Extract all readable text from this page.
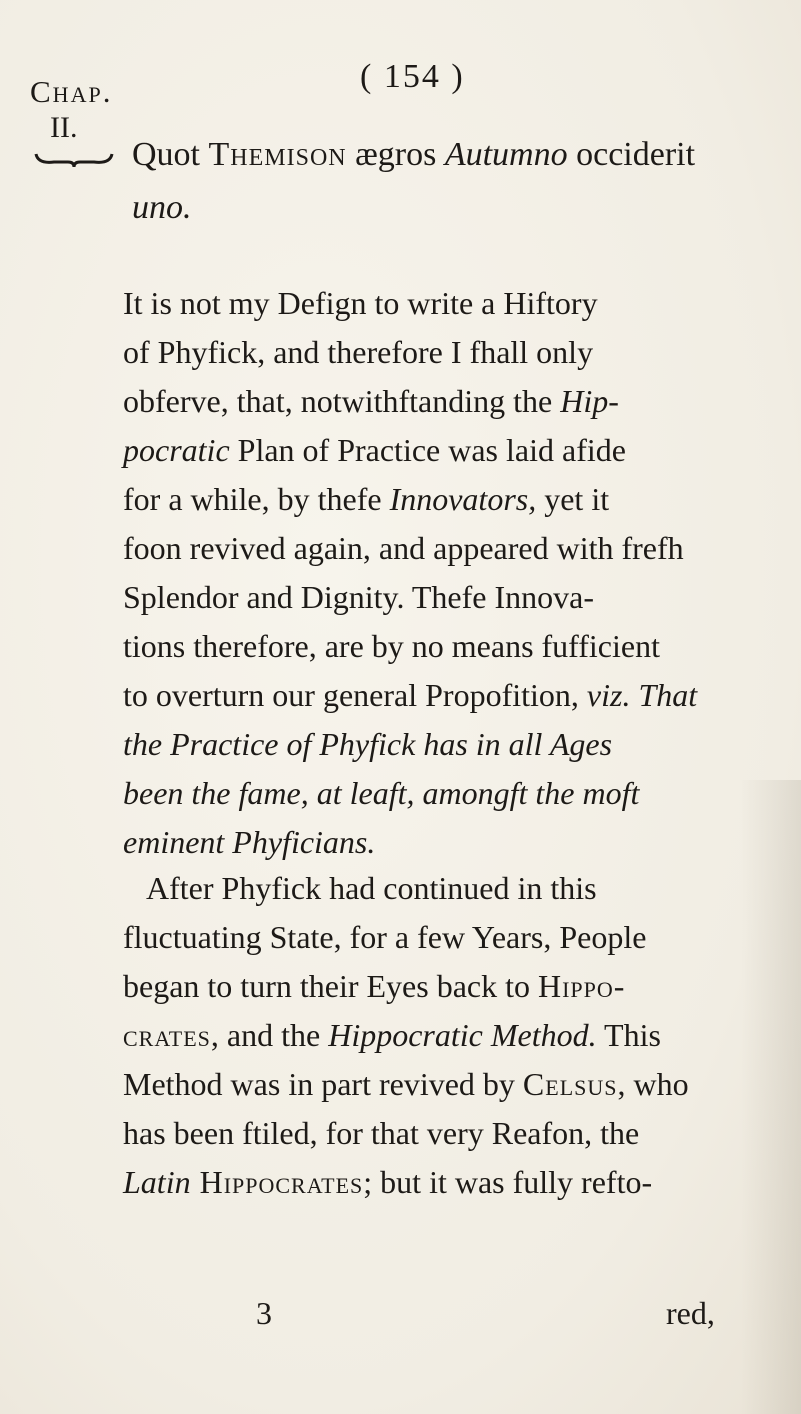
( 154 )
Chap.
II.
Quot Themison ægros Autumno occiderit
uno.
It is not my Defign to write a Hiftory
of Phyfick, and therefore I fhall only
obferve, that, notwithftanding the Hip-
pocratic Plan of Practice was laid afide
for a while, by thefe Innovators, yet it
foon revived again, and appeared with frefh
Splendor and Dignity. Thefe Innova-
tions therefore, are by no means fufficient
to overturn our general Propofition, viz. That
the Practice of Phyfick has in all Ages
been the fame, at leaft, amongft the moft
eminent Phyficians.
After Phyfick had continued in this
fluctuating State, for a few Years, People
began to turn their Eyes back to Hippo-
crates, and the Hippocratic Method. This
Method was in part revived by Celsus, who
has been ftiled, for that very Reafon, the
Latin Hippocrates; but it was fully refto-
3	red,
